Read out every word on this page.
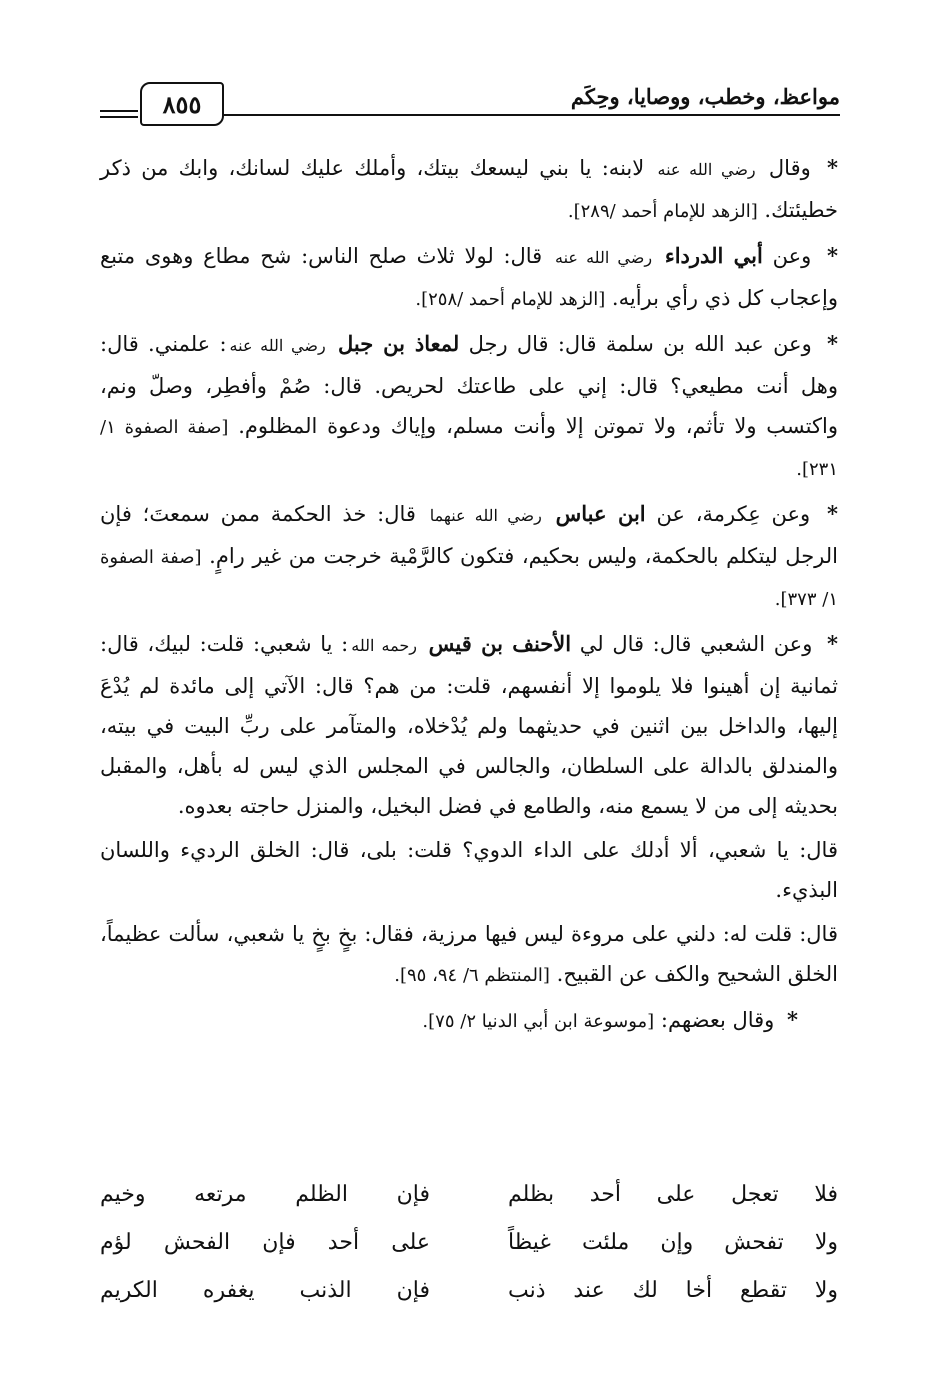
مواعظ، وخطب، ووصايا، وحِكَم
٨٥٥

* وقال رضي الله عنه لابنه: يا بني ليسعك بيتك، وأملك عليك لسانك، وابك من ذكر خطيئتك. [الزهد للإمام أحمد /٢٨٩].

* وعن أبي الدرداء رضي الله عنه قال: لولا ثلاث صلح الناس: شح مطاع وهوى متبع وإعجاب كل ذي رأي برأيه. [الزهد للإمام أحمد /٢٥٨].

* وعن عبد الله بن سلمة قال: قال رجل لمعاذ بن جبل رضي الله عنه: علمني. قال: وهل أنت مطيعي؟ قال: إني على طاعتك لحريص. قال: صُمْ وأفطِر، وصلّ ونم، واكتسب ولا تأثم، ولا تموتن إلا وأنت مسلم، وإياك ودعوة المظلوم. [صفة الصفوة ١/ ٢٣١].

* وعن عِكرمة، عن ابن عباس رضي الله عنهما قال: خذ الحكمة ممن سمعتَ؛ فإن الرجل ليتكلم بالحكمة، وليس بحكيم، فتكون كالرَّمْية خرجت من غير رامٍ. [صفة الصفوة ١/ ٣٧٣].

* وعن الشعبي قال: قال لي الأحنف بن قيس رحمه الله: يا شعبي: قلت: لبيك، قال: ثمانية إن أهينوا فلا يلوموا إلا أنفسهم، قلت: من هم؟ قال: الآتي إلى مائدة لم يُدْعَ إليها، والداخل بين اثنين في حديثهما ولم يُدْخلاه، والمتآمر على ربِّ البيت في بيته، والمندلق بالدالة على السلطان، والجالس في المجلس الذي ليس له بأهل، والمقبل بحديثه إلى من لا يسمع منه، والطامع في فضل البخيل، والمنزل حاجته بعدوه.

قال: يا شعبي، ألا أدلك على الداء الدوي؟ قلت: بلى، قال: الخلق الرديء واللسان البذيء.

قال: قلت له: دلني على مروءة ليس فيها مرزية، فقال: بخٍ بخٍ يا شعبي، سألت عظيماً، الخلق الشحيح والكف عن القبيح. [المنتظم ٦/ ٩٤، ٩٥].

* وقال بعضهم: [موسوعة ابن أبي الدنيا ٢/ ٧٥].

فلا تعجل على أحد بظلم
فإن الظلم مرتعه وخيم
ولا تفحش وإن ملئت غيظاً
على أحد فإن الفحش لؤم
ولا تقطع أخا لك عند ذنب
فإن الذنب يغفره الكريم
